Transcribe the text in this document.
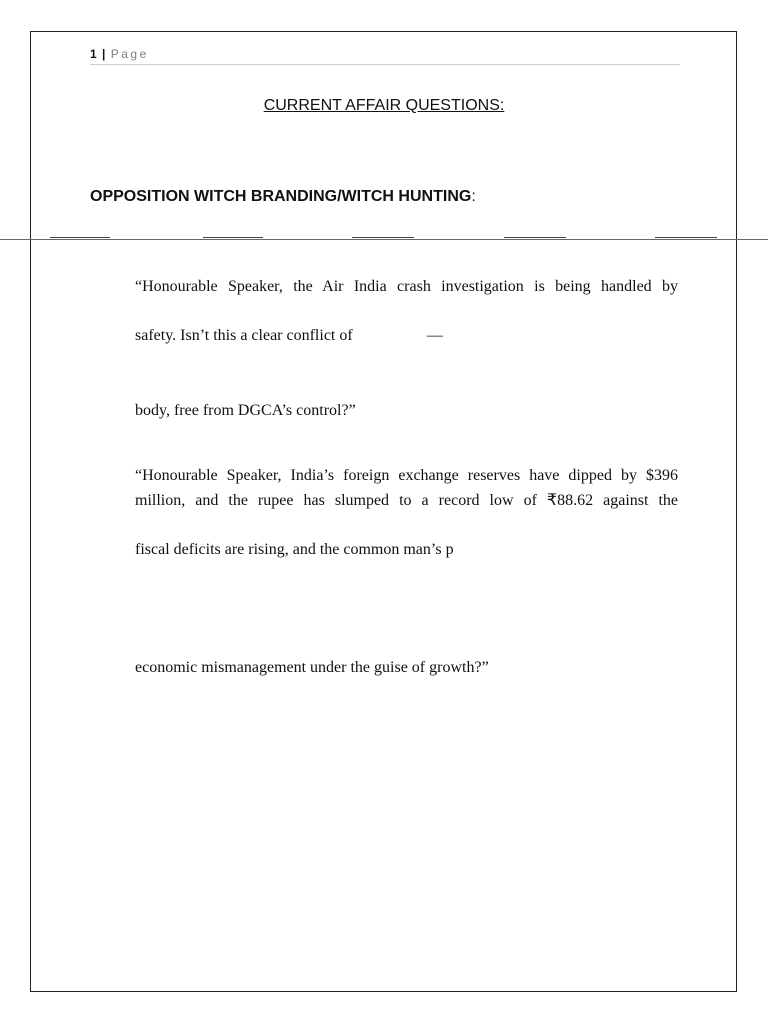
1 | Page
CURRENT AFFAIR QUESTIONS:
OPPOSITION WITCH BRANDING/WITCH HUNTING:
“Honourable Speaker, the Air India crash investigation is being handled by
safety. Isn’t this a clear conflict of	—
body, free from DGCA’s control?”
“Honourable Speaker, India’s foreign exchange reserves have dipped by $396
million, and the rupee has slumped to a record low of ₹88.62 against the
fiscal deficits are rising, and the common man’s p
economic mismanagement under the guise of growth?”
